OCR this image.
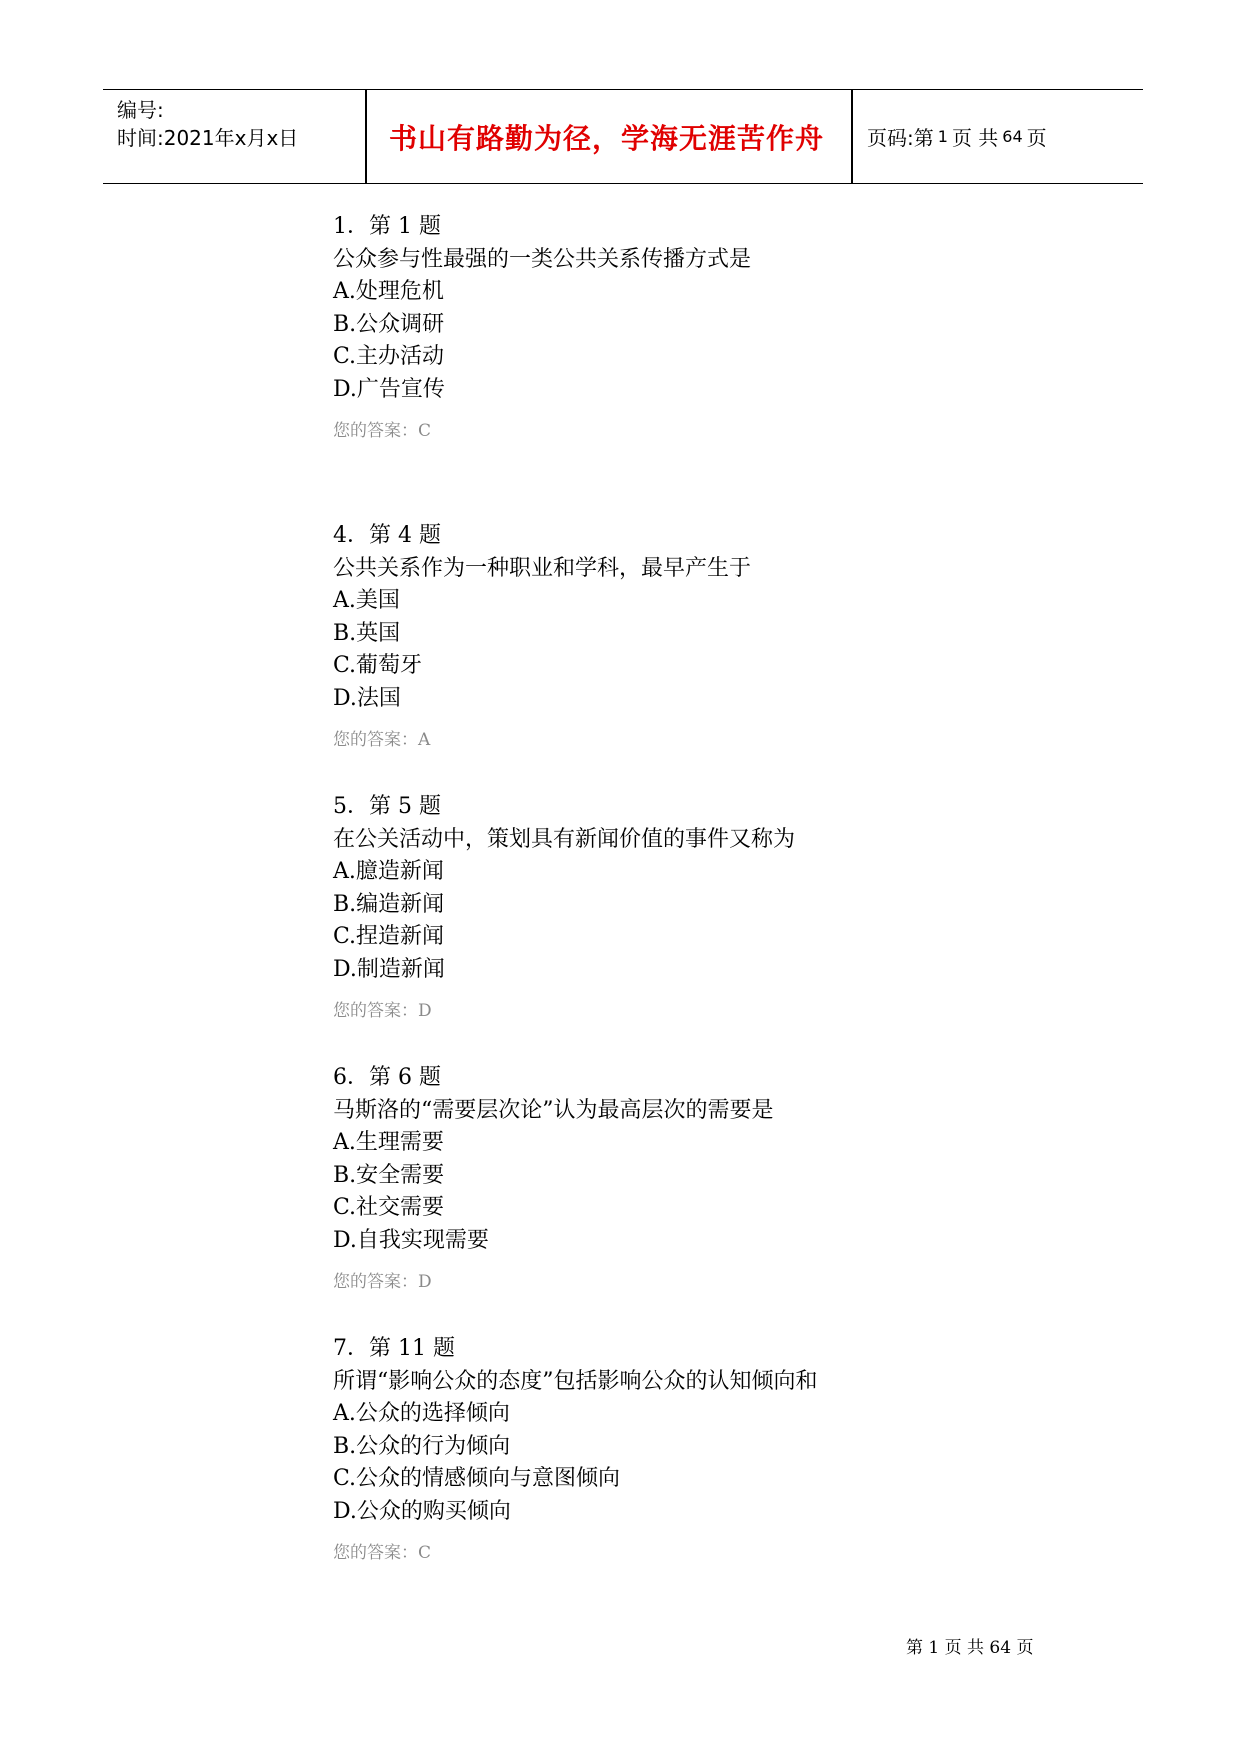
编号:
时间:2021年x月x日	书山有路勤为径，学海无涯苦作舟	页码:第 1 页 共 64 页
1．第 1 题
公众参与性最强的一类公共关系传播方式是
A.处理危机
B.公众调研
C.主办活动
D.广告宣传
您的答案：C
4．第 4 题
公共关系作为一种职业和学科，最早产生于
A.美国
B.英国
C.葡萄牙
D.法国
您的答案：A
5．第 5 题
在公关活动中，策划具有新闻价值的事件又称为
A.臆造新闻
B.编造新闻
C.捏造新闻
D.制造新闻
您的答案：D
6．第 6 题
马斯洛的“需要层次论”认为最高层次的需要是
A.生理需要
B.安全需要
C.社交需要
D.自我实现需要
您的答案：D
7．第 11 题
所谓“影响公众的态度”包括影响公众的认知倾向和
A.公众的选择倾向
B.公众的行为倾向
C.公众的情感倾向与意图倾向
D.公众的购买倾向
您的答案：C
第 1 页 共 64 页
